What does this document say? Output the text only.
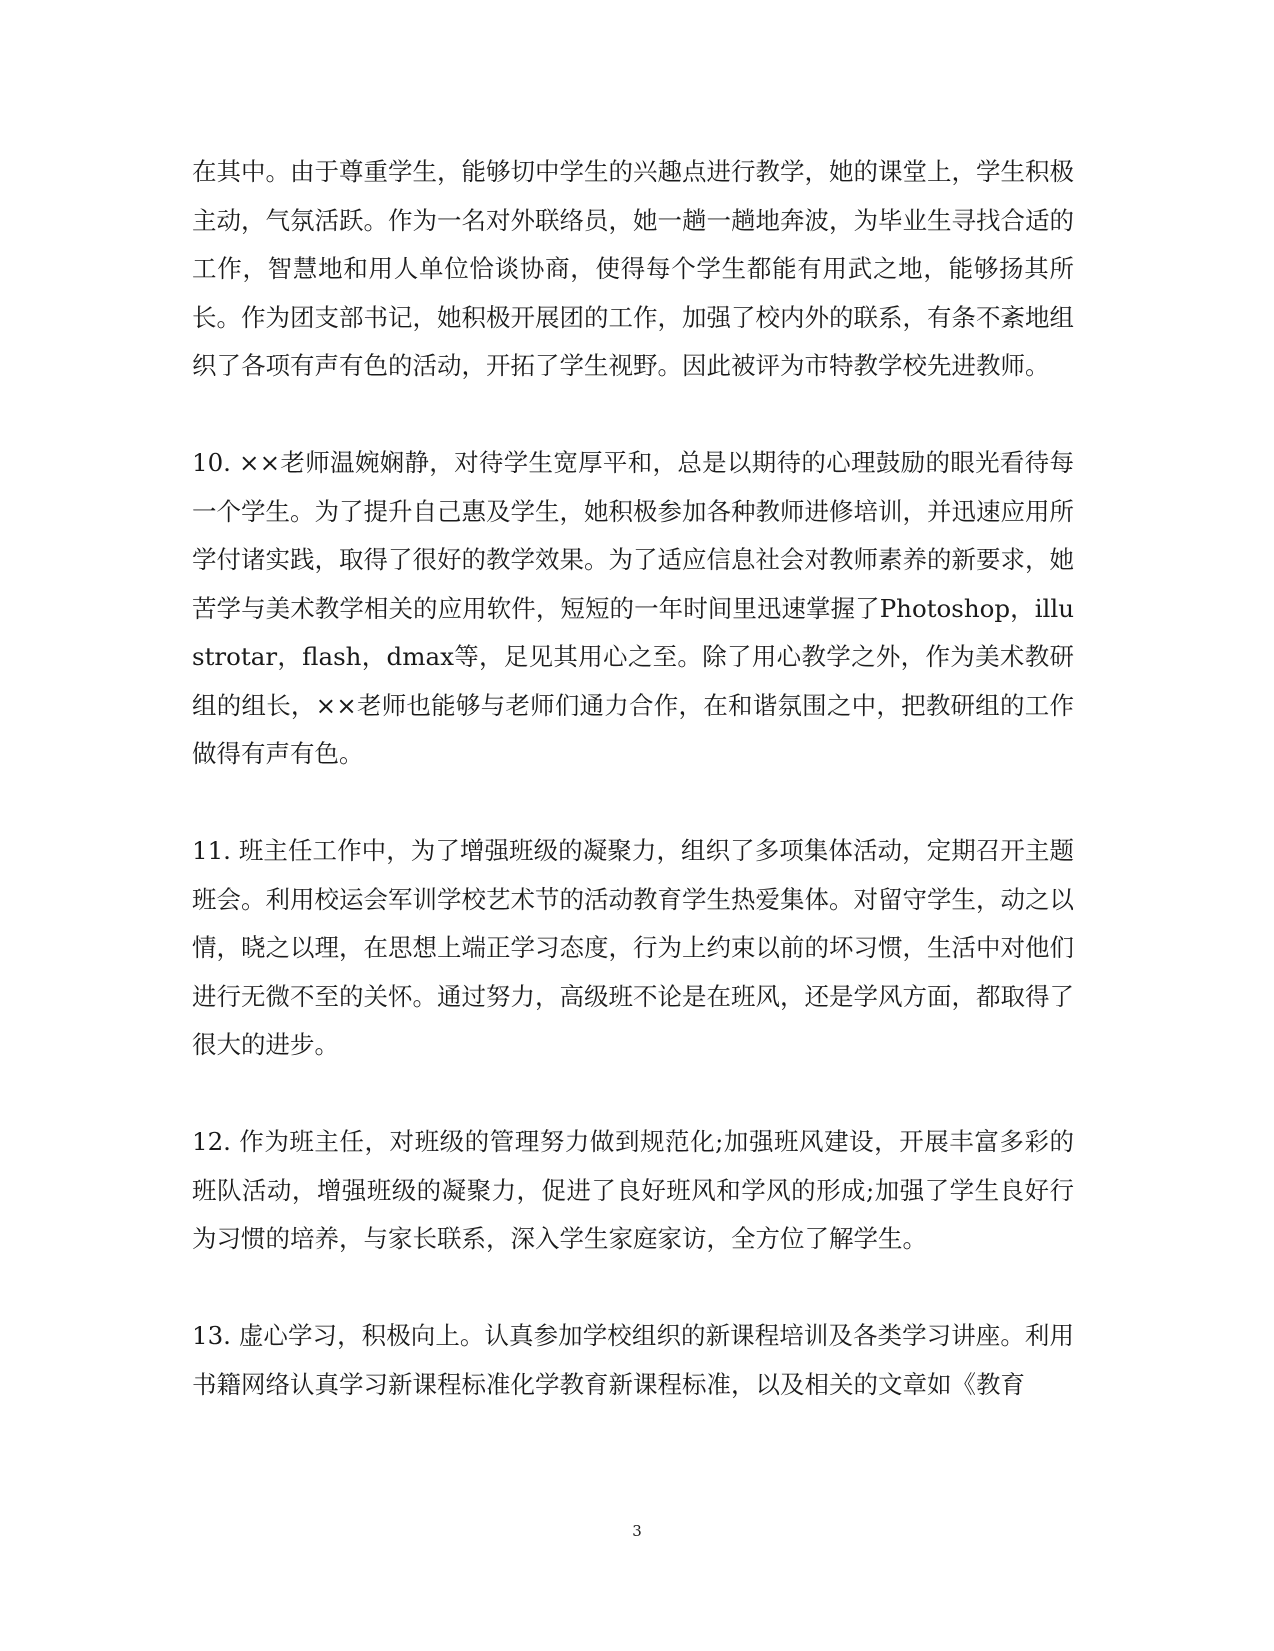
在其中。由于尊重学生，能够切中学生的兴趣点进行教学，她的课堂上，学生积极主动，气氛活跃。作为一名对外联络员，她一趟一趟地奔波，为毕业生寻找合适的工作，智慧地和用人单位恰谈协商，使得每个学生都能有用武之地，能够扬其所长。作为团支部书记，她积极开展团的工作，加强了校内外的联系，有条不紊地组织了各项有声有色的活动，开拓了学生视野。因此被评为市特教学校先进教师。

10. ××老师温婉娴静，对待学生宽厚平和，总是以期待的心理鼓励的眼光看待每一个学生。为了提升自己惠及学生，她积极参加各种教师进修培训，并迅速应用所学付诸实践，取得了很好的教学效果。为了适应信息社会对教师素养的新要求，她苦学与美术教学相关的应用软件，短短的一年时间里迅速掌握了Photoshop，illustrotar，flash，dmax等，足见其用心之至。除了用心教学之外，作为美术教研组的组长，××老师也能够与老师们通力合作，在和谐氛围之中，把教研组的工作做得有声有色。

11. 班主任工作中，为了增强班级的凝聚力，组织了多项集体活动，定期召开主题班会。利用校运会军训学校艺术节的活动教育学生热爱集体。对留守学生，动之以情，晓之以理，在思想上端正学习态度，行为上约束以前的坏习惯，生活中对他们进行无微不至的关怀。通过努力，高级班不论是在班风，还是学风方面，都取得了很大的进步。

12. 作为班主任，对班级的管理努力做到规范化;加强班风建设，开展丰富多彩的班队活动，增强班级的凝聚力，促进了良好班风和学风的形成;加强了学生良好行为习惯的培养，与家长联系，深入学生家庭家访，全方位了解学生。

13. 虚心学习，积极向上。认真参加学校组织的新课程培训及各类学习讲座。利用书籍网络认真学习新课程标准化学教育新课程标准，以及相关的文章如《教育

3
